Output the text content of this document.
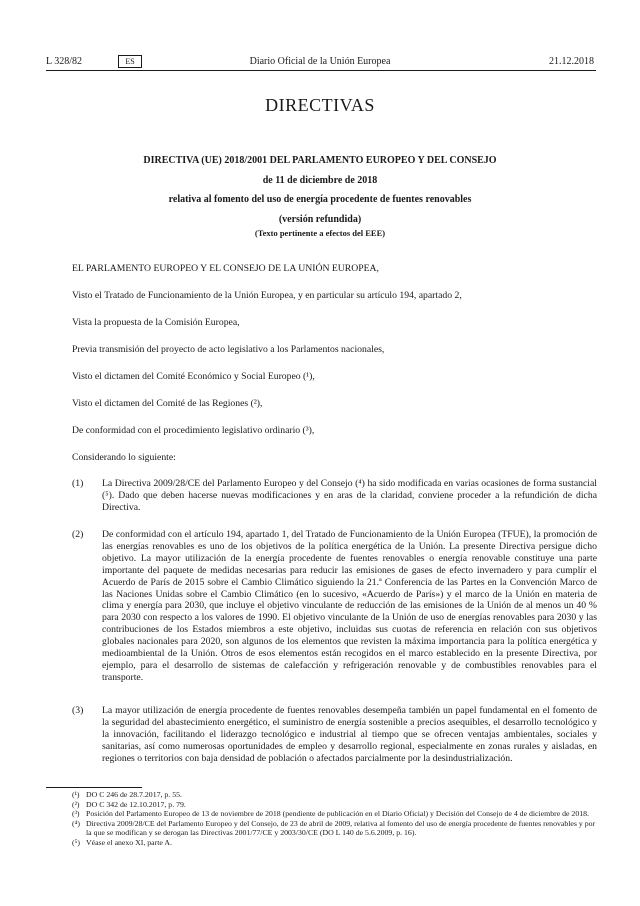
L 328/82	ES	Diario Oficial de la Unión Europea	21.12.2018
DIRECTIVAS
DIRECTIVA (UE) 2018/2001 DEL PARLAMENTO EUROPEO Y DEL CONSEJO
de 11 de diciembre de 2018
relativa al fomento del uso de energía procedente de fuentes renovables
(versión refundida)
(Texto pertinente a efectos del EEE)
EL PARLAMENTO EUROPEO Y EL CONSEJO DE LA UNIÓN EUROPEA,
Visto el Tratado de Funcionamiento de la Unión Europea, y en particular su artículo 194, apartado 2,
Vista la propuesta de la Comisión Europea,
Previa transmisión del proyecto de acto legislativo a los Parlamentos nacionales,
Visto el dictamen del Comité Económico y Social Europeo (¹),
Visto el dictamen del Comité de las Regiones (²),
De conformidad con el procedimiento legislativo ordinario (³),
Considerando lo siguiente:
(1) La Directiva 2009/28/CE del Parlamento Europeo y del Consejo (⁴) ha sido modificada en varias ocasiones de forma sustancial (⁵). Dado que deben hacerse nuevas modificaciones y en aras de la claridad, conviene proceder a la refundición de dicha Directiva.
(2) De conformidad con el artículo 194, apartado 1, del Tratado de Funcionamiento de la Unión Europea (TFUE), la promoción de las energías renovables es uno de los objetivos de la política energética de la Unión. La presente Directiva persigue dicho objetivo. La mayor utilización de la energía procedente de fuentes renovables o energía renovable constituye una parte importante del paquete de medidas necesarias para reducir las emisiones de gases de efecto invernadero y para cumplir el Acuerdo de París de 2015 sobre el Cambio Climático siguiendo la 21.ª Conferencia de las Partes en la Convención Marco de las Naciones Unidas sobre el Cambio Climático (en lo sucesivo, «Acuerdo de París») y el marco de la Unión en materia de clima y energía para 2030, que incluye el objetivo vinculante de reducción de las emisiones de la Unión de al menos un 40 % para 2030 con respecto a los valores de 1990. El objetivo vinculante de la Unión de uso de energías renovables para 2030 y las contribuciones de los Estados miembros a este objetivo, incluidas sus cuotas de referencia en relación con sus objetivos globales nacionales para 2020, son algunos de los elementos que revisten la máxima importancia para la política energética y medioambiental de la Unión. Otros de esos elementos están recogidos en el marco establecido en la presente Directiva, por ejemplo, para el desarrollo de sistemas de calefacción y refrigeración renovable y de combustibles renovables para el transporte.
(3) La mayor utilización de energía procedente de fuentes renovables desempeña también un papel fundamental en el fomento de la seguridad del abastecimiento energético, el suministro de energía sostenible a precios asequibles, el desarrollo tecnológico y la innovación, facilitando el liderazgo tecnológico e industrial al tiempo que se ofrecen ventajas ambientales, sociales y sanitarias, así como numerosas oportunidades de empleo y desarrollo regional, especialmente en zonas rurales y aisladas, en regiones o territorios con baja densidad de población o afectados parcialmente por la desindustrialización.
(¹) DO C 246 de 28.7.2017, p. 55.
(²) DO C 342 de 12.10.2017, p. 79.
(³) Posición del Parlamento Europeo de 13 de noviembre de 2018 (pendiente de publicación en el Diario Oficial) y Decisión del Consejo de 4 de diciembre de 2018.
(⁴) Directiva 2009/28/CE del Parlamento Europeo y del Consejo, de 23 de abril de 2009, relativa al fomento del uso de energía procedente de fuentes renovables y por la que se modifican y se derogan las Directivas 2001/77/CE y 2003/30/CE (DO L 140 de 5.6.2009, p. 16).
(⁵) Véase el anexo XI, parte A.
